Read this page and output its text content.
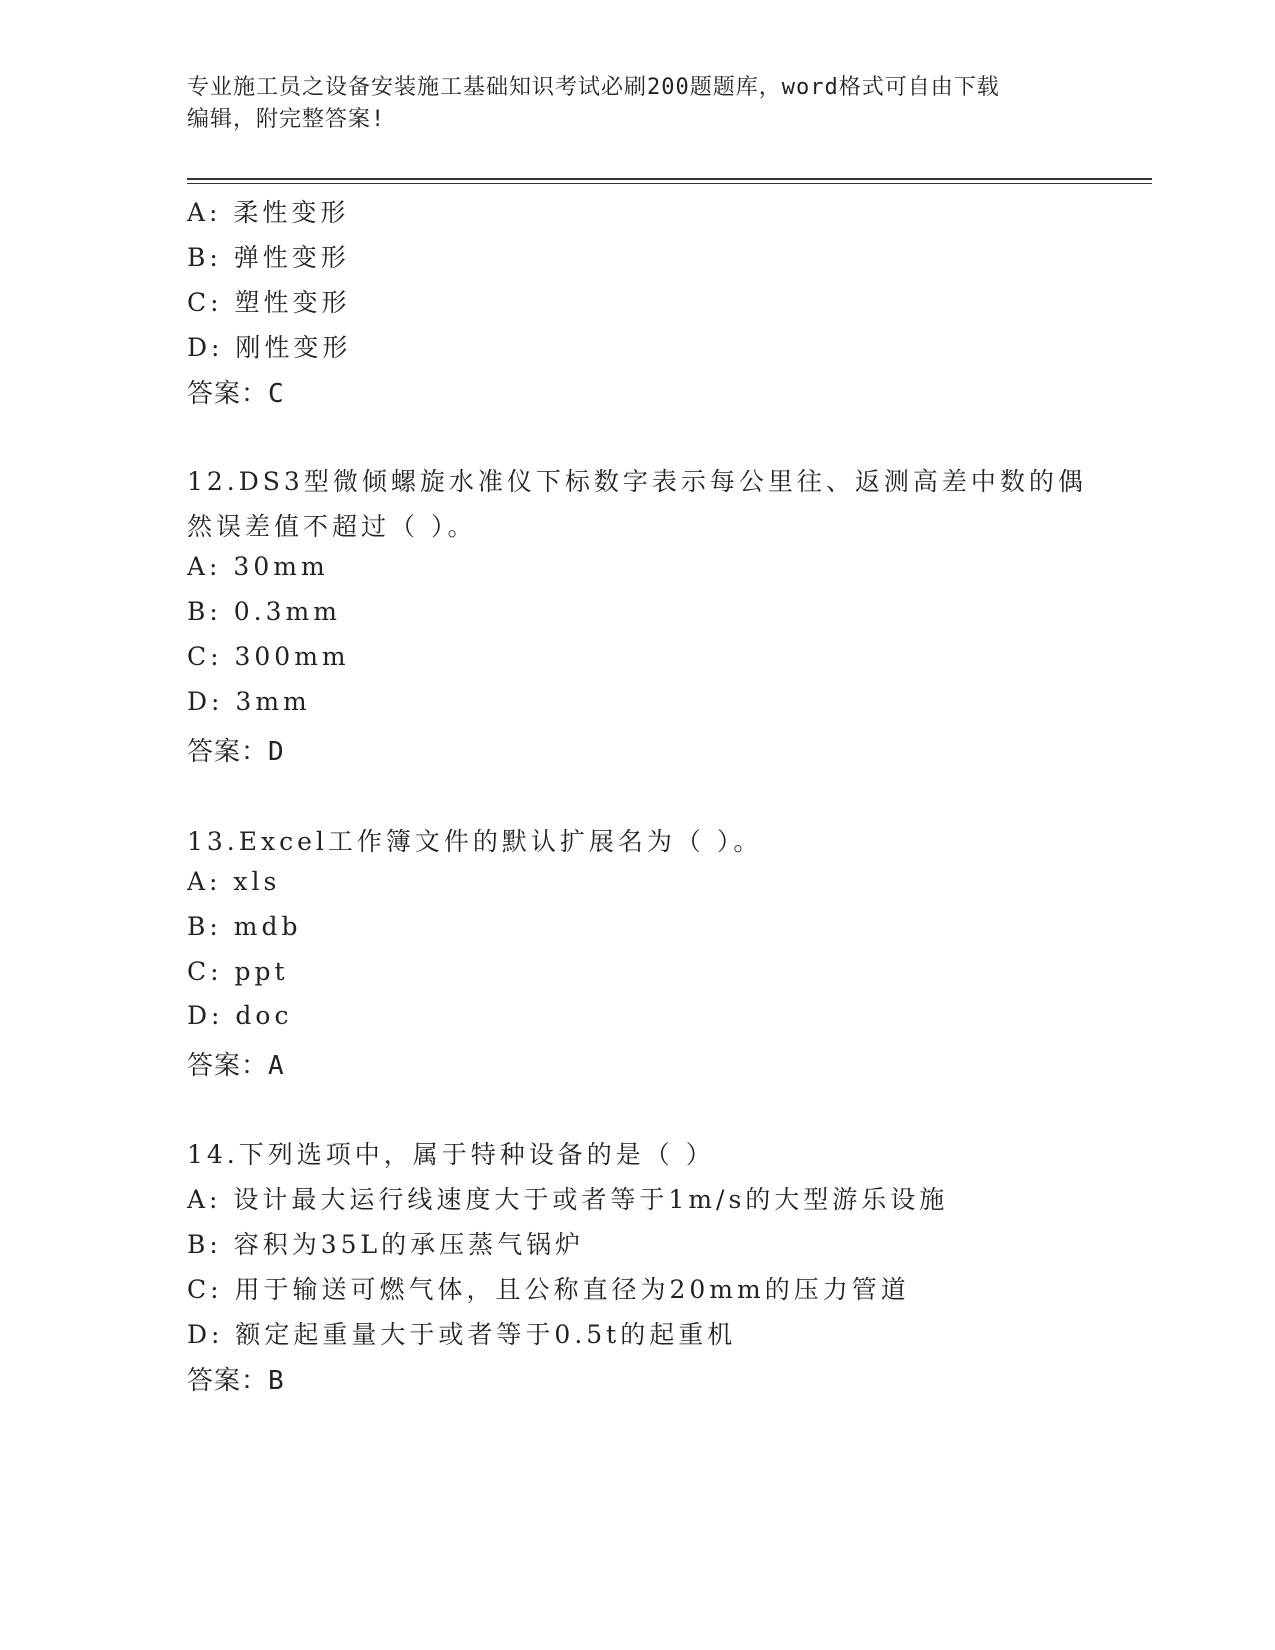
专业施工员之设备安装施工基础知识考试必刷200题题库，word格式可自由下载
编辑，附完整答案!
A: 柔性变形
B: 弹性变形
C: 塑性变形
D: 刚性变形
答案：C
12.DS3型微倾螺旋水准仪下标数字表示每公里往、返测高差中数的偶
然误差值不超过（ ）。
A: 30mm
B: 0.3mm
C: 300mm
D: 3mm
答案：D
13.Excel工作簿文件的默认扩展名为（ ）。
A: xls
B: mdb
C: ppt
D: doc
答案：A
14.下列选项中，属于特种设备的是（ ）
A: 设计最大运行线速度大于或者等于1m/s的大型游乐设施
B: 容积为35L的承压蒸气锅炉
C: 用于输送可燃气体，且公称直径为20mm的压力管道
D: 额定起重量大于或者等于0.5t的起重机
答案：B
